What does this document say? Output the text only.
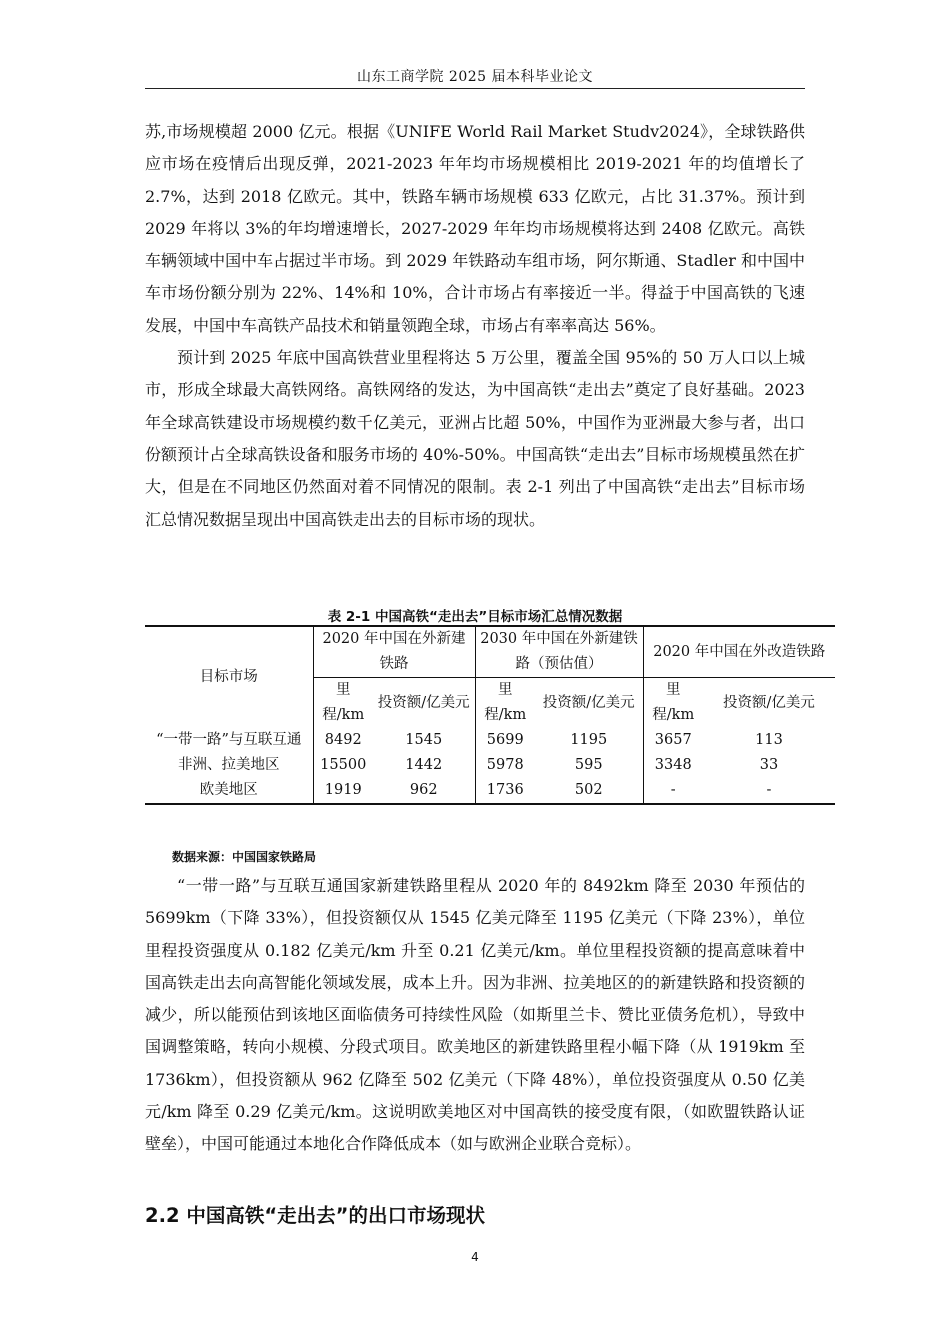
山东工商学院 2025 届本科毕业论文

苏,市场规模超 2000 亿元。根据《UNIFE World Rail Market Studv2024》，全球铁路供应市场在疫情后出现反弹，2021-2023 年年均市场规模相比 2019-2021 年的均值增长了 2.7%，达到 2018 亿欧元。其中，铁路车辆市场规模 633 亿欧元，占比 31.37%。预计到 2029 年将以 3%的年均增速增长，2027-2029 年年均市场规模将达到 2408 亿欧元。高铁车辆领域中国中车占据过半市场。到 2029 年铁路动车组市场，阿尔斯通、Stadler 和中国中车市场份额分别为 22%、14%和 10%，合计市场占有率接近一半。得益于中国高铁的飞速发展，中国中车高铁产品技术和销量领跑全球，市场占有率率高达 56%。

预计到 2025 年底中国高铁营业里程将达 5 万公里，覆盖全国 95%的 50 万人口以上城市，形成全球最大高铁网络。高铁网络的发达，为中国高铁“走出去”奠定了良好基础。2023 年全球高铁建设市场规模约数千亿美元，亚洲占比超 50%，中国作为亚洲最大参与者，出口份额预计占全球高铁设备和服务市场的 40%-50%。中国高铁“走出去”目标市场规模虽然在扩大，但是在不同地区仍然面对着不同情况的限制。表 2-1 列出了中国高铁“走出去”目标市场汇总情况数据呈现出中国高铁走出去的目标市场的现状。

表 2-1 中国高铁“走出去”目标市场汇总情况数据
目标市场	2020 年中国在外新建铁路		2030 年中国在外新建铁路（预估值）		2020 年中国在外改造铁路	
	里程/km	投资额/亿美元	里程/km	投资额/亿美元	里程/km	投资额/亿美元
“一带一路”与互联互通	8492	1545	5699	1195	3657	113
非洲、拉美地区	15500	1442	5978	595	3348	33
欧美地区	1919	962	1736	502	-	-
数据来源：中国国家铁路局

“一带一路”与互联互通国家新建铁路里程从 2020 年的 8492km 降至 2030 年预估的 5699km（下降 33%），但投资额仅从 1545 亿美元降至 1195 亿美元（下降 23%），单位里程投资强度从 0.182 亿美元/km 升至 0.21 亿美元/km。单位里程投资额的提高意味着中国高铁走出去向高智能化领域发展，成本上升。因为非洲、拉美地区的的新建铁路和投资额的减少，所以能预估到该地区面临债务可持续性风险（如斯里兰卡、赞比亚债务危机），导致中国调整策略，转向小规模、分段式项目。欧美地区的新建铁路里程小幅下降（从 1919km 至 1736km），但投资额从 962 亿降至 502 亿美元（下降 48%），单位投资强度从 0.50 亿美元/km 降至 0.29 亿美元/km。这说明欧美地区对中国高铁的接受度有限，（如欧盟铁路认证壁垒），中国可能通过本地化合作降低成本（如与欧洲企业联合竞标）。

2.2 中国高铁“走出去”的出口市场现状
4
